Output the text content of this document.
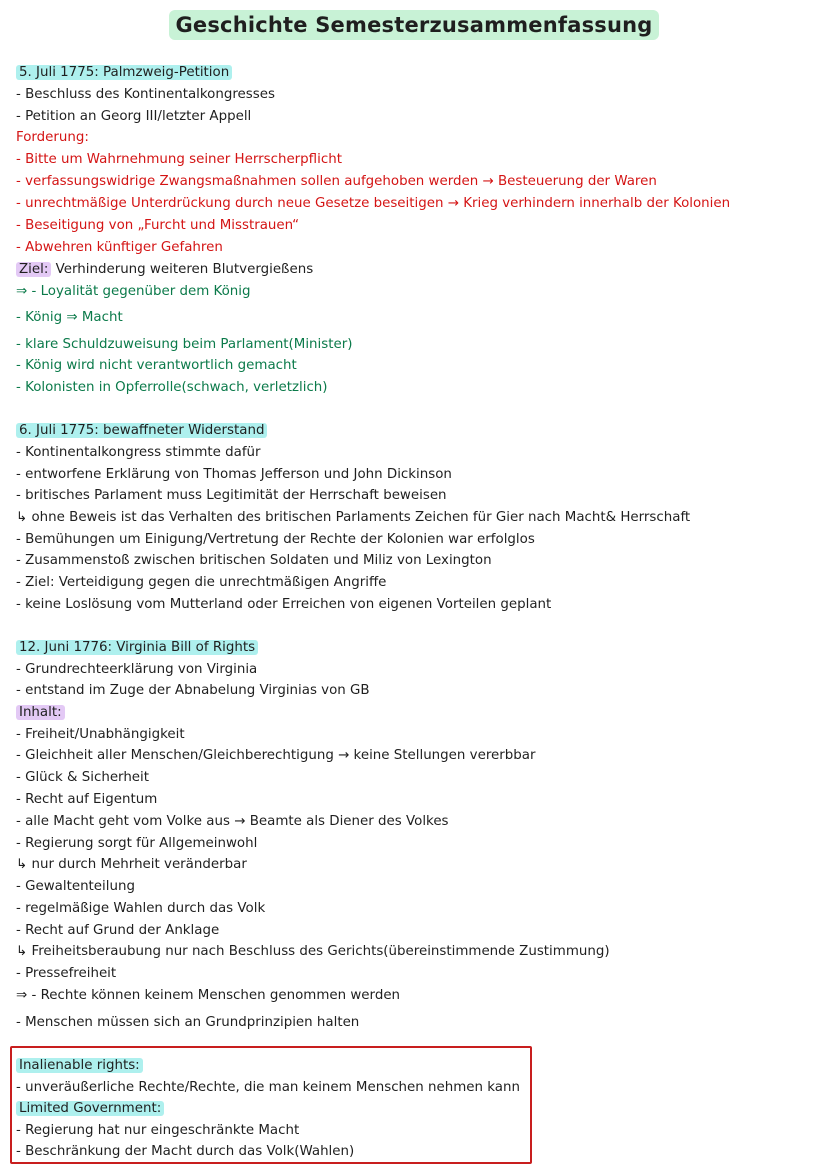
Geschichte Semesterzusammenfassung
5. Juli 1775: Palmzweig-Petition
- Beschluss des Kontinentalkongresses
- Petition an Georg III/letzter Appell
Forderung:
- Bitte um Wahrnehmung seiner Herrscherpflicht
- verfassungswidrige Zwangsmaßnahmen sollen aufgehoben werden → Besteuerung der Waren
- unrechtmäßige Unterdrückung durch neue Gesetze beseitigen → Krieg verhindern innerhalb der Kolonien
- Beseitigung von „Furcht und Misstrauen“
- Abwehren künftiger Gefahren
Ziel: Verhinderung weiteren Blutvergießens
⇒ - Loyalität gegenüber dem König
- König ⇒ Macht
- klare Schuldzuweisung beim Parlament(Minister)
- König wird nicht verantwortlich gemacht
- Kolonisten in Opferrolle(schwach, verletzlich)
6. Juli 1775: bewaffneter Widerstand
- Kontinentalkongress stimmte dafür
- entworfene Erklärung von Thomas Jefferson und John Dickinson
- britisches Parlament muss Legitimität der Herrschaft beweisen
↳ ohne Beweis ist das Verhalten des britischen Parlaments Zeichen für Gier nach Macht& Herrschaft
- Bemühungen um Einigung/Vertretung der Rechte der Kolonien war erfolglos
- Zusammenstoß zwischen britischen Soldaten und Miliz von Lexington
- Ziel: Verteidigung gegen die unrechtmäßigen Angriffe
- keine Loslösung vom Mutterland oder Erreichen von eigenen Vorteilen geplant
12. Juni 1776: Virginia Bill of Rights
- Grundrechteerklärung von Virginia
- entstand im Zuge der Abnabelung Virginias von GB
Inhalt:
- Freiheit/Unabhängigkeit
- Gleichheit aller Menschen/Gleichberechtigung → keine Stellungen vererbbar
- Glück & Sicherheit
- Recht auf Eigentum
- alle Macht geht vom Volke aus → Beamte als Diener des Volkes
- Regierung sorgt für Allgemeinwohl
↳ nur durch Mehrheit veränderbar
- Gewaltenteilung
- regelmäßige Wahlen durch das Volk
- Recht auf Grund der Anklage
↳ Freiheitsberaubung nur nach Beschluss des Gerichts(übereinstimmende Zustimmung)
- Pressefreiheit
⇒ - Rechte können keinem Menschen genommen werden
- Menschen müssen sich an Grundprinzipien halten
Inalienable rights:
- unveräußerliche Rechte/Rechte, die man keinem Menschen nehmen kann
Limited Government:
- Regierung hat nur eingeschränkte Macht
- Beschränkung der Macht durch das Volk(Wahlen)
